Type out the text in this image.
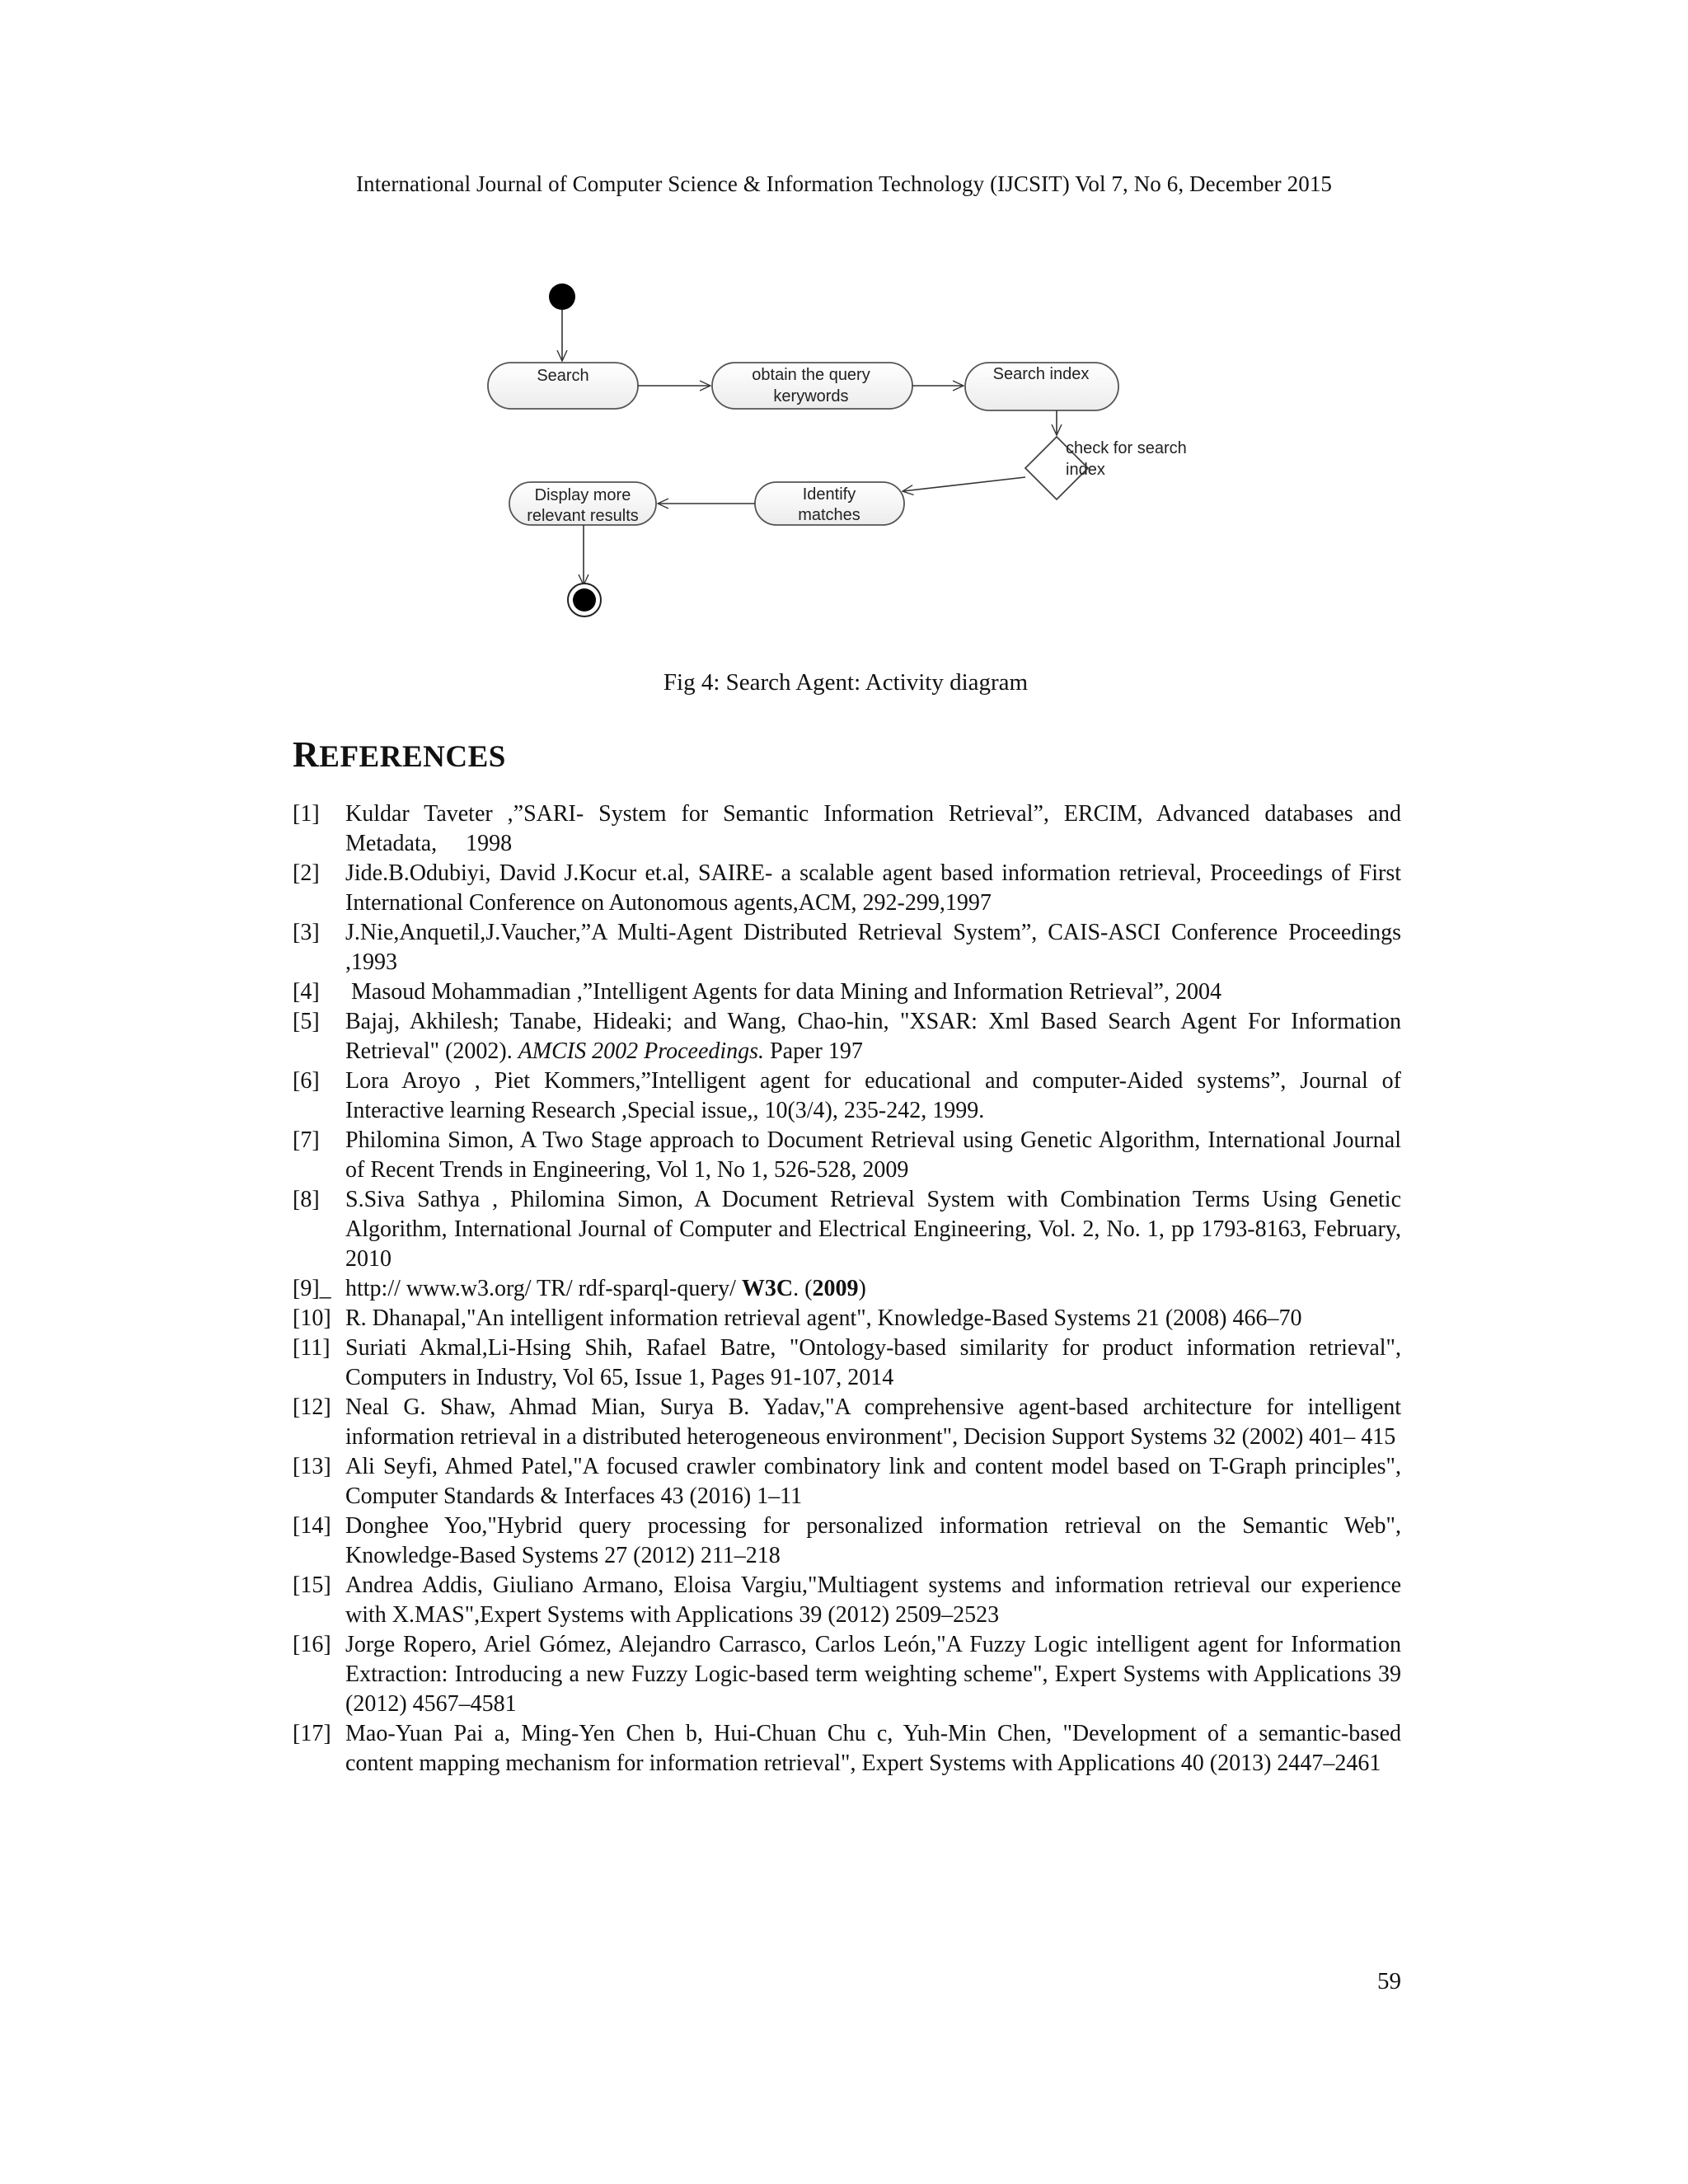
International Journal of Computer Science & Information Technology (IJCSIT) Vol 7, No 6, December 2015
Search	obtain the query
kerywords
Search index
check for search
index
Identify
matches
Display more
relevant results
Fig 4: Search Agent: Activity diagram
REFERENCES
[1]	Kuldar Taveter ,”SARI- System for Semantic Information Retrieval”, ERCIM, Advanced databases and Metadata,     1998
[2]	Jide.B.Odubiyi, David J.Kocur et.al, SAIRE- a scalable agent based information retrieval, Proceedings of First International Conference on Autonomous agents,ACM, 292-299,1997
[3]	J.Nie,Anquetil,J.Vaucher,”A Multi-Agent Distributed Retrieval System”, CAIS-ASCI Conference Proceedings ,1993
[4]	Masoud Mohammadian ,”Intelligent Agents for data Mining and Information Retrieval”, 2004
[5]	Bajaj, Akhilesh; Tanabe, Hideaki; and Wang, Chao-hin, "XSAR: Xml Based Search Agent For Information Retrieval" (2002). AMCIS 2002 Proceedings. Paper 197
[6]	Lora Aroyo , Piet Kommers,”Intelligent agent for educational and computer-Aided systems”, Journal of Interactive learning Research ,Special issue,, 10(3/4), 235-242, 1999.
[7]	Philomina Simon, A Two Stage approach to Document Retrieval using Genetic Algorithm, International Journal of Recent Trends in Engineering, Vol 1, No 1, 526-528, 2009
[8]	S.Siva Sathya , Philomina Simon, A Document Retrieval System with Combination Terms Using Genetic Algorithm, International Journal of Computer and Electrical Engineering, Vol. 2, No. 1, pp 1793-8163, February, 2010
[9]_ http:// www.w3.org/ TR/ rdf-sparql-query/ W3C. (2009)
[10] R. Dhanapal,"An intelligent information retrieval agent", Knowledge-Based Systems 21 (2008) 466–70
[11] Suriati Akmal,Li-Hsing Shih, Rafael Batre, "Ontology-based similarity for product information retrieval", Computers in Industry, Vol 65, Issue 1, Pages 91-107, 2014
[12] Neal G. Shaw, Ahmad Mian, Surya B. Yadav,"A comprehensive agent-based architecture for intelligent information retrieval in a distributed heterogeneous environment", Decision Support Systems 32 (2002) 401– 415
[13] Ali Seyfi, Ahmed Patel,"A focused crawler combinatory link and content model based on T-Graph principles", Computer Standards & Interfaces 43 (2016) 1–11
[14] Donghee Yoo,"Hybrid query processing for personalized information retrieval on the Semantic Web", Knowledge-Based Systems 27 (2012) 211–218
[15] Andrea Addis, Giuliano Armano, Eloisa Vargiu,"Multiagent systems and information retrieval our experience with X.MAS",Expert Systems with Applications 39 (2012) 2509–2523
[16] Jorge Ropero, Ariel Gómez, Alejandro Carrasco, Carlos León,"A Fuzzy Logic intelligent agent for Information Extraction: Introducing a new Fuzzy Logic-based term weighting scheme", Expert Systems with Applications 39 (2012) 4567–4581
[17] Mao-Yuan Pai a, Ming-Yen Chen b, Hui-Chuan Chu c, Yuh-Min Chen, "Development of a semantic-based content mapping mechanism for information retrieval", Expert Systems with Applications 40 (2013) 2447–2461
59
